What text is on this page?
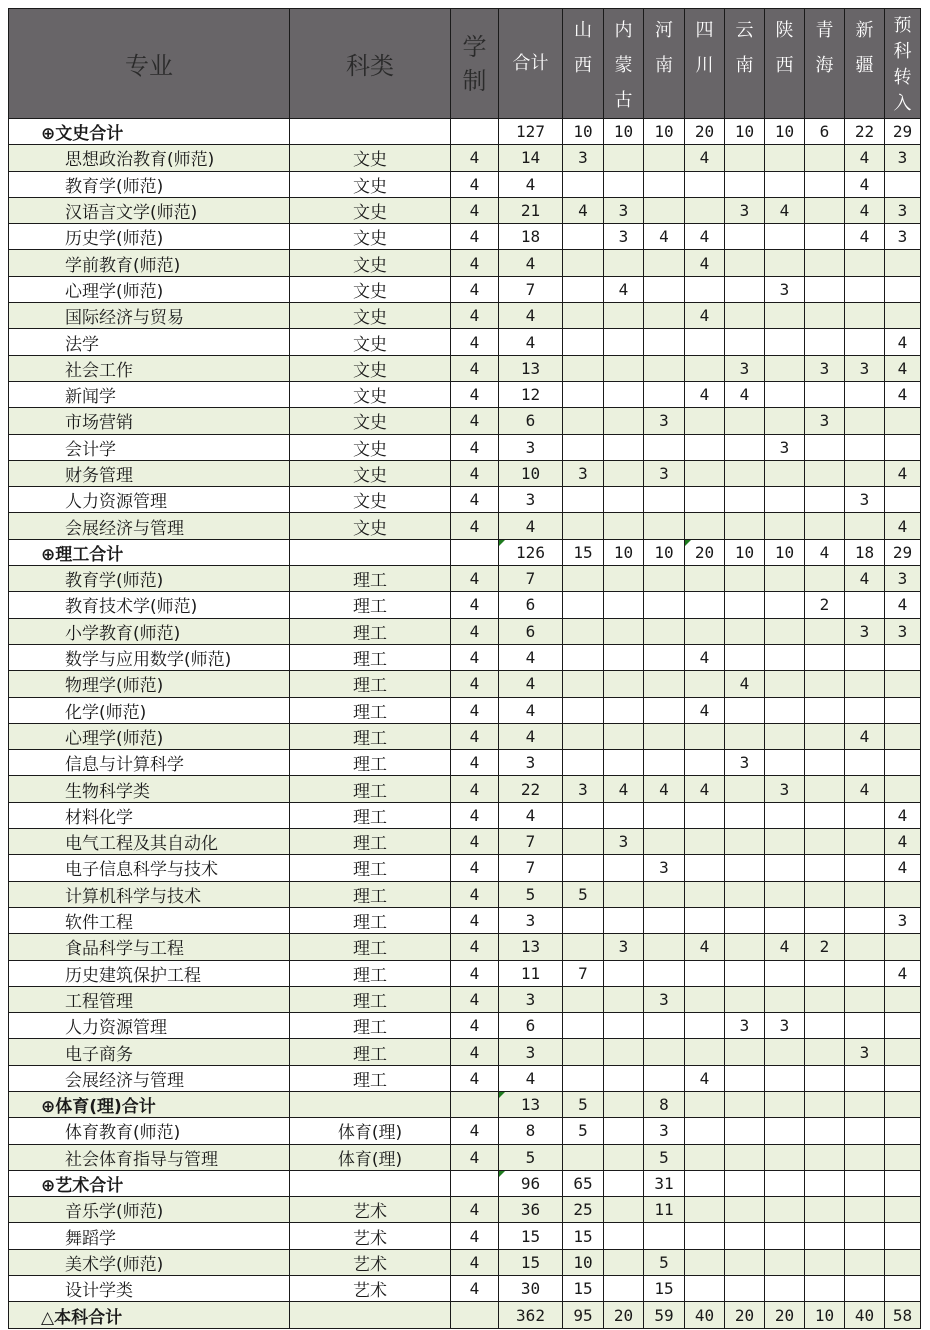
专业	科类	学制	合计	山西	内蒙古	河南	四川	云南	陕西	青海	新疆	预科转入
⊕文史合计			127	10	10	10	20	10	10	6	22	29
思想政治教育(师范)	文史	4	14	3			4				4	3
教育学(师范)	文史	4	4								4	
汉语言文学(师范)	文史	4	21	4	3			3	4		4	3
历史学(师范)	文史	4	18		3	4	4				4	3
学前教育(师范)	文史	4	4				4					
心理学(师范)	文史	4	7		4				3			
国际经济与贸易	文史	4	4				4					
法学	文史	4	4									4
社会工作	文史	4	13					3		3	3	4
新闻学	文史	4	12				4	4				4
市场营销	文史	4	6			3				3		
会计学	文史	4	3						3			
财务管理	文史	4	10	3		3						4
人力资源管理	文史	4	3								3	
会展经济与管理	文史	4	4									4
⊕理工合计			126	15	10	10	20	10	10	4	18	29
教育学(师范)	理工	4	7								4	3
教育技术学(师范)	理工	4	6							2		4
小学教育(师范)	理工	4	6								3	3
数学与应用数学(师范)	理工	4	4				4					
物理学(师范)	理工	4	4					4				
化学(师范)	理工	4	4				4					
心理学(师范)	理工	4	4								4	
信息与计算科学	理工	4	3					3				
生物科学类	理工	4	22	3	4	4	4		3		4	
材料化学	理工	4	4									4
电气工程及其自动化	理工	4	7		3							4
电子信息科学与技术	理工	4	7			3						4
计算机科学与技术	理工	4	5	5								
软件工程	理工	4	3									3
食品科学与工程	理工	4	13		3		4		4	2		
历史建筑保护工程	理工	4	11	7								4
工程管理	理工	4	3			3						
人力资源管理	理工	4	6					3	3			
电子商务	理工	4	3								3	
会展经济与管理	理工	4	4				4					
⊕体育(理)合计			13	5		8						
体育教育(师范)	体育(理)	4	8	5		3						
社会体育指导与管理	体育(理)	4	5			5						
⊕艺术合计			96	65		31						
音乐学(师范)	艺术	4	36	25		11						
舞蹈学	艺术	4	15	15								
美术学(师范)	艺术	4	15	10		5						
设计学类	艺术	4	30	15		15						
△本科合计			362	95	20	59	40	20	20	10	40	58
